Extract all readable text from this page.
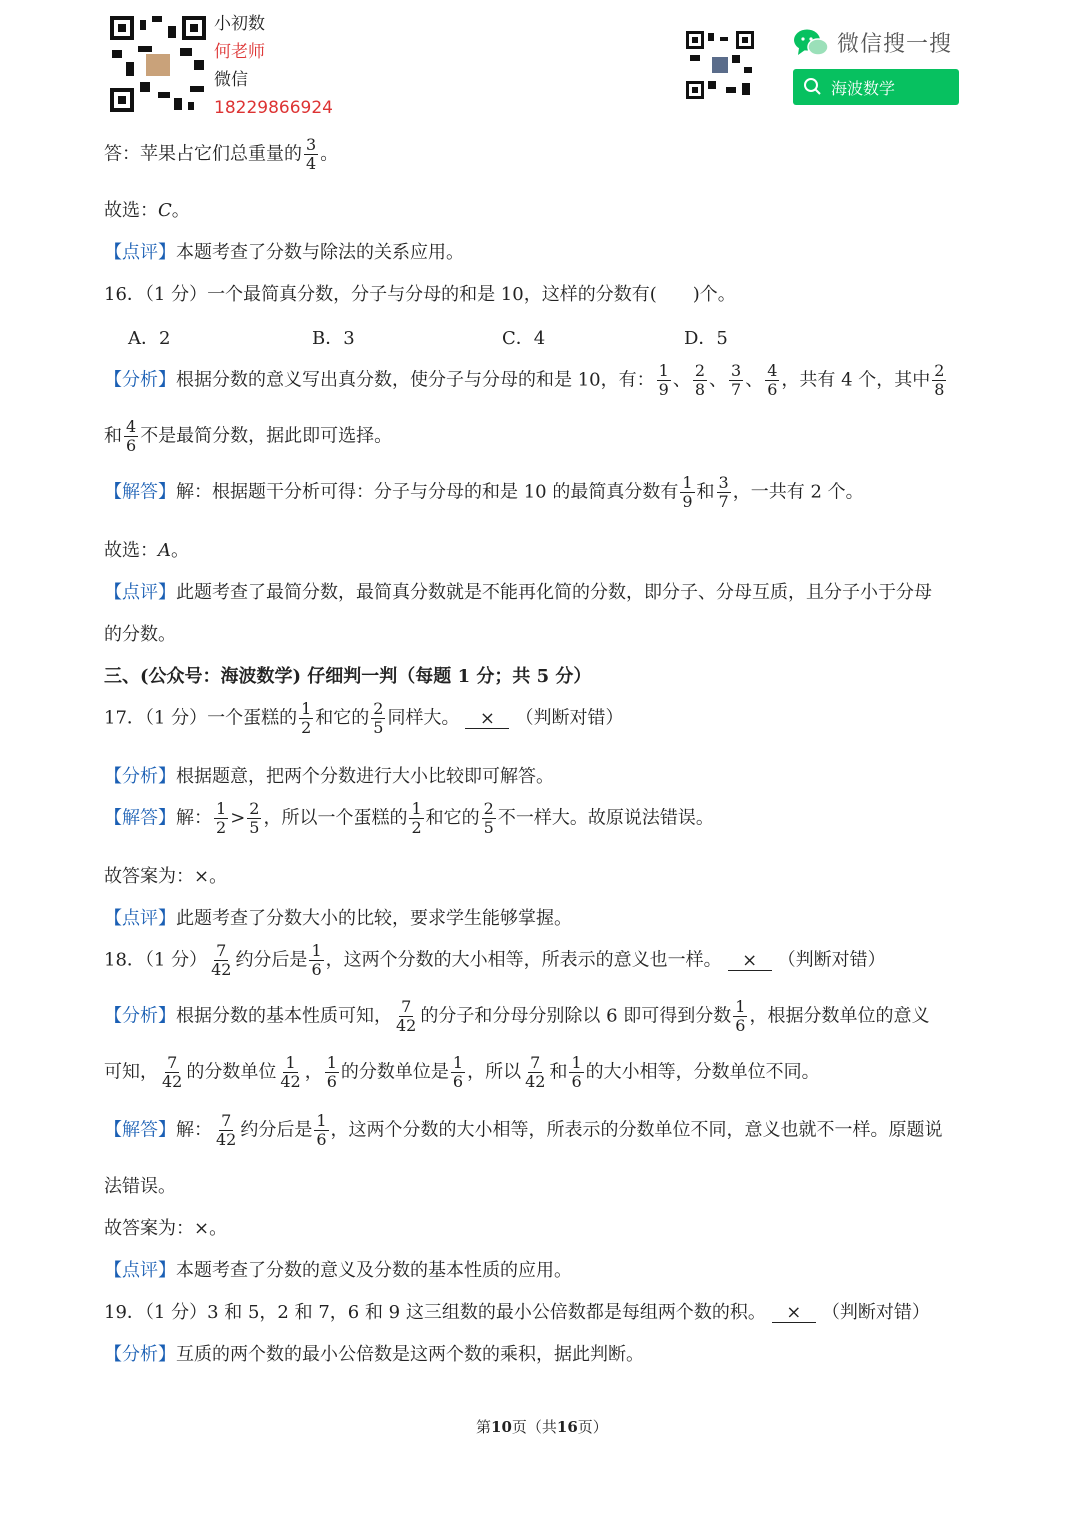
小初数
何老师
微信
18229866924
微信搜一搜
海波数学
答：苹果占它们总重量的 $\frac{3}{4}$ 。
故选：C。
【点评】本题考查了分数与除法的关系应用。
16．（1 分）一个最简真分数，分子与分母的和是 10，这样的分数有(　　)个。
A．2	B．3	C．4	D．5
【分析】根据分数的意义写出真分数，使分子与分母的和是 10，有： $\frac{1}{9}$ 、 $\frac{2}{8}$ 、 $\frac{3}{7}$ 、 $\frac{4}{6}$ ，共有 4 个，其中 $\frac{2}{8}$
和 $\frac{4}{6}$ 不是最简分数，据此即可选择。
【解答】解：根据题干分析可得：分子与分母的和是 10 的最简真分数有 $\frac{1}{9}$ 和 $\frac{3}{7}$ ，一共有 2 个。
故选：A。
【点评】此题考查了最简分数，最简真分数就是不能再化简的分数，即分子、分母互质，且分子小于分母
的分数。
三、(公众号：海波数学) 仔细判一判（每题 1 分；共 5 分）
17．（1 分）一个蛋糕的 $\frac{1}{2}$ 和它的 $\frac{2}{5}$ 同样大。 × （判断对错）
【分析】根据题意，把两个分数进行大小比较即可解答。
【解答】解： $\frac{1}{2} > \frac{2}{5}$ ，所以一个蛋糕的 $\frac{1}{2}$ 和它的 $\frac{2}{5}$ 不一样大。故原说法错误。
故答案为：×。
【点评】此题考查了分数大小的比较，要求学生能够掌握。
18．（1 分） $\frac{7}{42}$ 约分后是 $\frac{1}{6}$ ，这两个分数的大小相等，所表示的意义也一样。 × （判断对错）
【分析】根据分数的基本性质可知， $\frac{7}{42}$ 的分子和分母分别除以 6 即可得到分数 $\frac{1}{6}$ ，根据分数单位的意义
可知， $\frac{7}{42}$ 的分数单位 $\frac{1}{42}$ ， $\frac{1}{6}$ 的分数单位是 $\frac{1}{6}$ ，所以 $\frac{7}{42}$ 和 $\frac{1}{6}$ 的大小相等，分数单位不同。
【解答】解： $\frac{7}{42}$ 约分后是 $\frac{1}{6}$ ，这两个分数的大小相等，所表示的分数单位不同，意义也就不一样。原题说
法错误。
故答案为：×。
【点评】本题考查了分数的意义及分数的基本性质的应用。
19．（1 分）3 和 5，2 和 7，6 和 9 这三组数的最小公倍数都是每组两个数的积。 × （判断对错）
【分析】互质的两个数的最小公倍数是这两个数的乘积，据此判断。
第10页（共16页）
